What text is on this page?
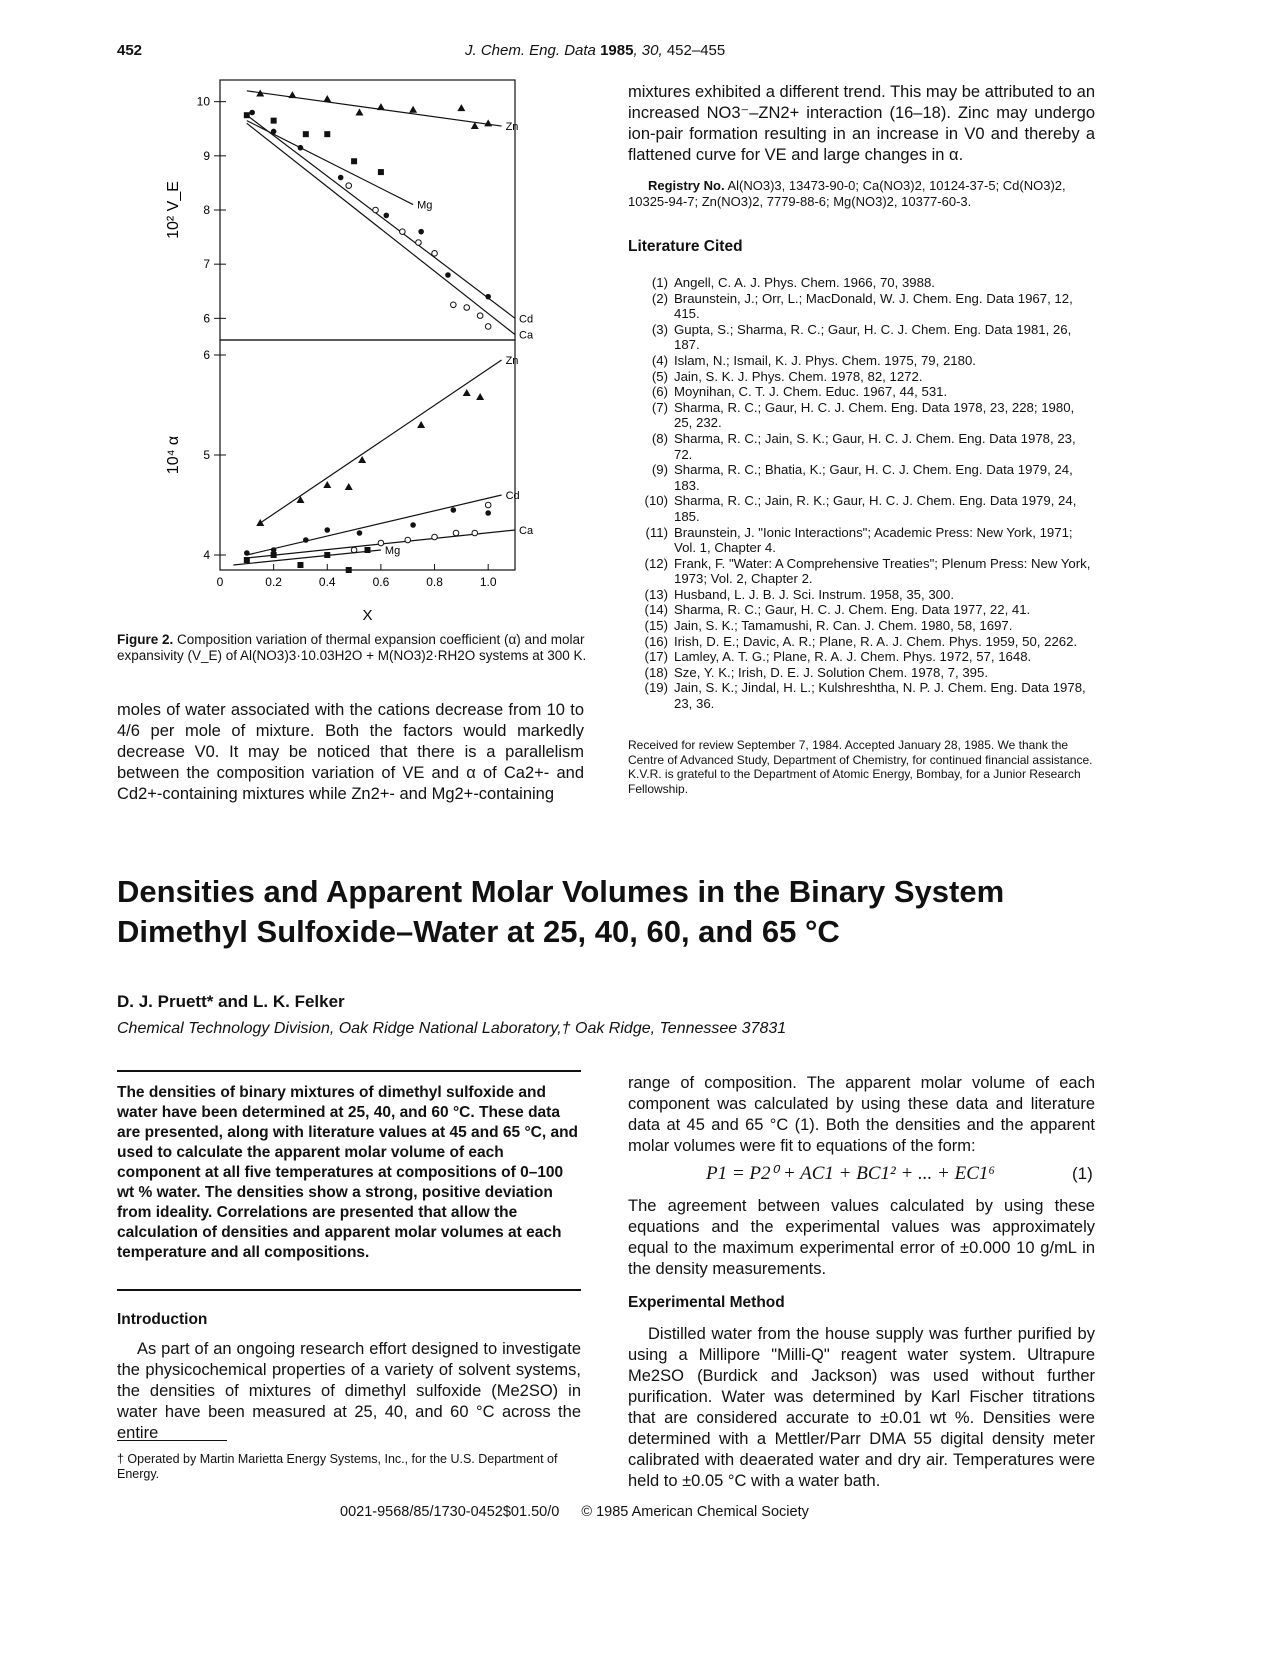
452	J. Chem. Eng. Data 1985, 30, 452–455
6
7
8
9
10
10² V_E
Zn
Mg
Cd
Ca
4
5
6
10⁴ α
0	0.2	0.4	0.6	0.8	1.0
X
Zn
Cd
Ca
Mg
Figure 2. Composition variation of thermal expansion coefficient (α) and molar expansivity (V_E) of Al(NO3)3·10.03H2O + M(NO3)2·RH2O systems at 300 K.
moles of water associated with the cations decrease from 10 to 4/6 per mole of mixture. Both the factors would markedly decrease V0. It may be noticed that there is a parallelism between the composition variation of VE and α of Ca2+- and Cd2+-containing mixtures while Zn2+- and Mg2+-containing
mixtures exhibited a different trend. This may be attributed to an increased NO3⁻–ZN2+ interaction (16–18). Zinc may undergo ion-pair formation resulting in an increase in V0 and thereby a flattened curve for VE and large changes in α.
Registry No. Al(NO3)3, 13473-90-0; Ca(NO3)2, 10124-37-5; Cd(NO3)2, 10325-94-7; Zn(NO3)2, 7779-88-6; Mg(NO3)2, 10377-60-3.
Literature Cited
(1) Angell, C. A. J. Phys. Chem. 1966, 70, 3988.
(2) Braunstein, J.; Orr, L.; MacDonald, W. J. Chem. Eng. Data 1967, 12, 415.
(3) Gupta, S.; Sharma, R. C.; Gaur, H. C. J. Chem. Eng. Data 1981, 26, 187.
(4) Islam, N.; Ismail, K. J. Phys. Chem. 1975, 79, 2180.
(5) Jain, S. K. J. Phys. Chem. 1978, 82, 1272.
(6) Moynihan, C. T. J. Chem. Educ. 1967, 44, 531.
(7) Sharma, R. C.; Gaur, H. C. J. Chem. Eng. Data 1978, 23, 228; 1980, 25, 232.
(8) Sharma, R. C.; Jain, S. K.; Gaur, H. C. J. Chem. Eng. Data 1978, 23, 72.
(9) Sharma, R. C.; Bhatia, K.; Gaur, H. C. J. Chem. Eng. Data 1979, 24, 183.
(10) Sharma, R. C.; Jain, R. K.; Gaur, H. C. J. Chem. Eng. Data 1979, 24, 185.
(11) Braunstein, J. "Ionic Interactions"; Academic Press: New York, 1971; Vol. 1, Chapter 4.
(12) Frank, F. "Water: A Comprehensive Treaties"; Plenum Press: New York, 1973; Vol. 2, Chapter 2.
(13) Husband, L. J. B. J. Sci. Instrum. 1958, 35, 300.
(14) Sharma, R. C.; Gaur, H. C. J. Chem. Eng. Data 1977, 22, 41.
(15) Jain, S. K.; Tamamushi, R. Can. J. Chem. 1980, 58, 1697.
(16) Irish, D. E.; Davic, A. R.; Plane, R. A. J. Chem. Phys. 1959, 50, 2262.
(17) Lamley, A. T. G.; Plane, R. A. J. Chem. Phys. 1972, 57, 1648.
(18) Sze, Y. K.; Irish, D. E. J. Solution Chem. 1978, 7, 395.
(19) Jain, S. K.; Jindal, H. L.; Kulshreshtha, N. P. J. Chem. Eng. Data 1978, 23, 36.
Received for review September 7, 1984. Accepted January 28, 1985. We thank the Centre of Advanced Study, Department of Chemistry, for continued financial assistance. K.V.R. is grateful to the Department of Atomic Energy, Bombay, for a Junior Research Fellowship.
Densities and Apparent Molar Volumes in the Binary System
Dimethyl Sulfoxide–Water at 25, 40, 60, and 65 °C
D. J. Pruett* and L. K. Felker
Chemical Technology Division, Oak Ridge National Laboratory,† Oak Ridge, Tennessee 37831
The densities of binary mixtures of dimethyl sulfoxide and water have been determined at 25, 40, and 60 °C. These data are presented, along with literature values at 45 and 65 °C, and used to calculate the apparent molar volume of each component at all five temperatures at compositions of 0–100 wt % water. The densities show a strong, positive deviation from ideality. Correlations are presented that allow the calculation of densities and apparent molar volumes at each temperature and all compositions.
Introduction
As part of an ongoing research effort designed to investigate the physicochemical properties of a variety of solvent systems, the densities of mixtures of dimethyl sulfoxide (Me2SO) in water have been measured at 25, 40, and 60 °C across the entire
† Operated by Martin Marietta Energy Systems, Inc., for the U.S. Department of Energy.
range of composition. The apparent molar volume of each component was calculated by using these data and literature data at 45 and 65 °C (1). Both the densities and the apparent molar volumes were fit to equations of the form:
P1 = P2⁰ + AC1 + BC1² + ... + EC1⁶	(1)
The agreement between values calculated by using these equations and the experimental values was approximately equal to the maximum experimental error of ±0.000 10 g/mL in the density measurements.
Experimental Method
Distilled water from the house supply was further purified by using a Millipore "Milli-Q" reagent water system. Ultrapure Me2SO (Burdick and Jackson) was used without further purification. Water was determined by Karl Fischer titrations that are considered accurate to ±0.01 wt %. Densities were determined with a Mettler/Parr DMA 55 digital density meter calibrated with deaerated water and dry air. Temperatures were held to ±0.05 °C with a water bath.
0021-9568/85/1730-0452$01.50/0 © 1985 American Chemical Society
